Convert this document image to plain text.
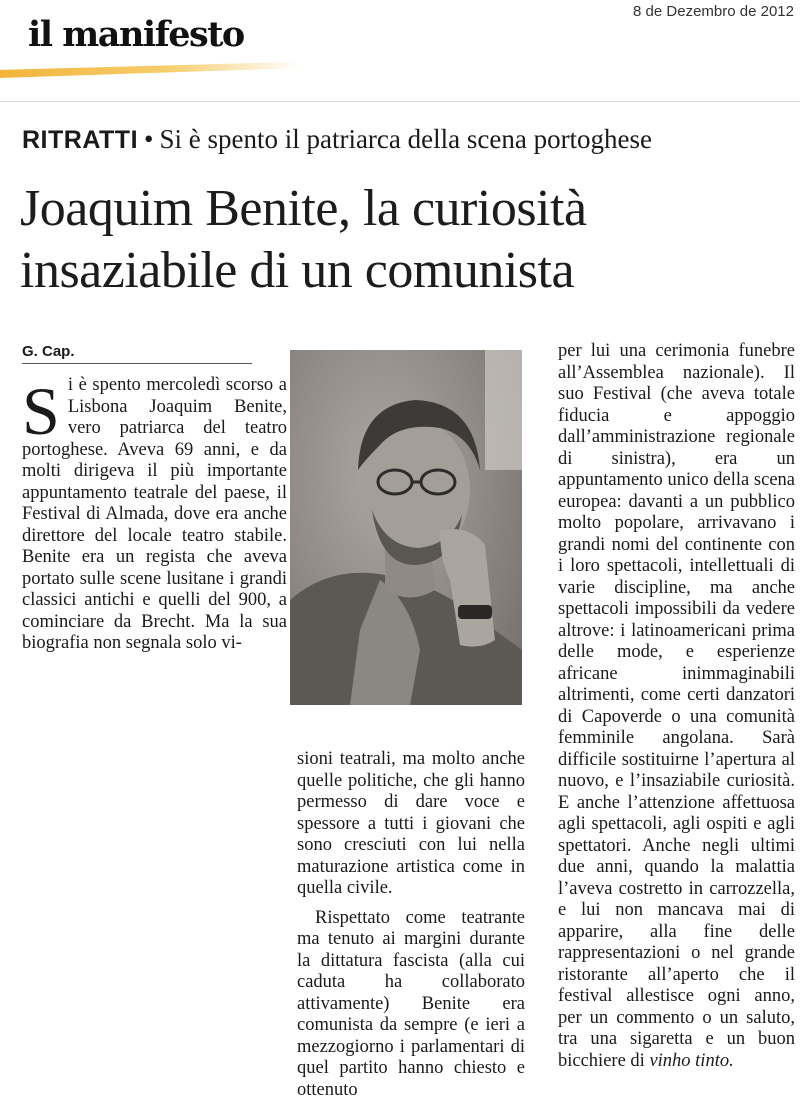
il manifesto
8 de Dezembro de 2012
RITRATTI • Si è spento il patriarca della scena portoghese
Joaquim Benite, la curiosità insaziabile di un comunista
G. Cap.

Si è spento mercoledì scorso a Lisbona Joaquim Benite, vero patriarca del teatro portoghese. Aveva 69 anni, e da molti dirigeva il più importante appuntamento teatrale del paese, il Festival di Almada, dove era anche direttore del locale teatro stabile. Benite era un regista che aveva portato sulle scene lusitane i grandi classici antichi e quelli del 900, a cominciare da Brecht. Ma la sua biografia non segnala solo vi-

sioni teatrali, ma molto anche quelle politiche, che gli hanno permesso di dare voce e spessore a tutti i giovani che sono cresciuti con lui nella maturazione artistica come in quella civile.

Rispettato come teatrante ma tenuto ai margini durante la dittatura fascista (alla cui caduta ha collaborato attivamente) Benite era comunista da sempre (e ieri a mezzogiorno i parlamentari di quel partito hanno chiesto e ottenuto

per lui una cerimonia funebre all’Assemblea nazionale). Il suo Festival (che aveva totale fiducia e appoggio dall’amministrazione regionale di sinistra), era un appuntamento unico della scena europea: davanti a un pubblico molto popolare, arrivavano i grandi nomi del continente con i loro spettacoli, intellettuali di varie discipline, ma anche spettacoli impossibili da vedere altrove: i latinoamericani prima delle mode, e esperienze africane inimmaginabili altrimenti, come certi danzatori di Capoverde o una comunità femminile angolana. Sarà difficile sostituirne l’apertura al nuovo, e l’insaziabile curiosità. E anche l’attenzione affettuosa agli spettacoli, agli ospiti e agli spettatori. Anche negli ultimi due anni, quando la malattia l’aveva costretto in carrozzella, e lui non mancava mai di apparire, alla fine delle rappresentazioni o nel grande ristorante all’aperto che il festival allestisce ogni anno, per un commento o un saluto, tra una sigaretta e un buon bicchiere di vinho tinto.
